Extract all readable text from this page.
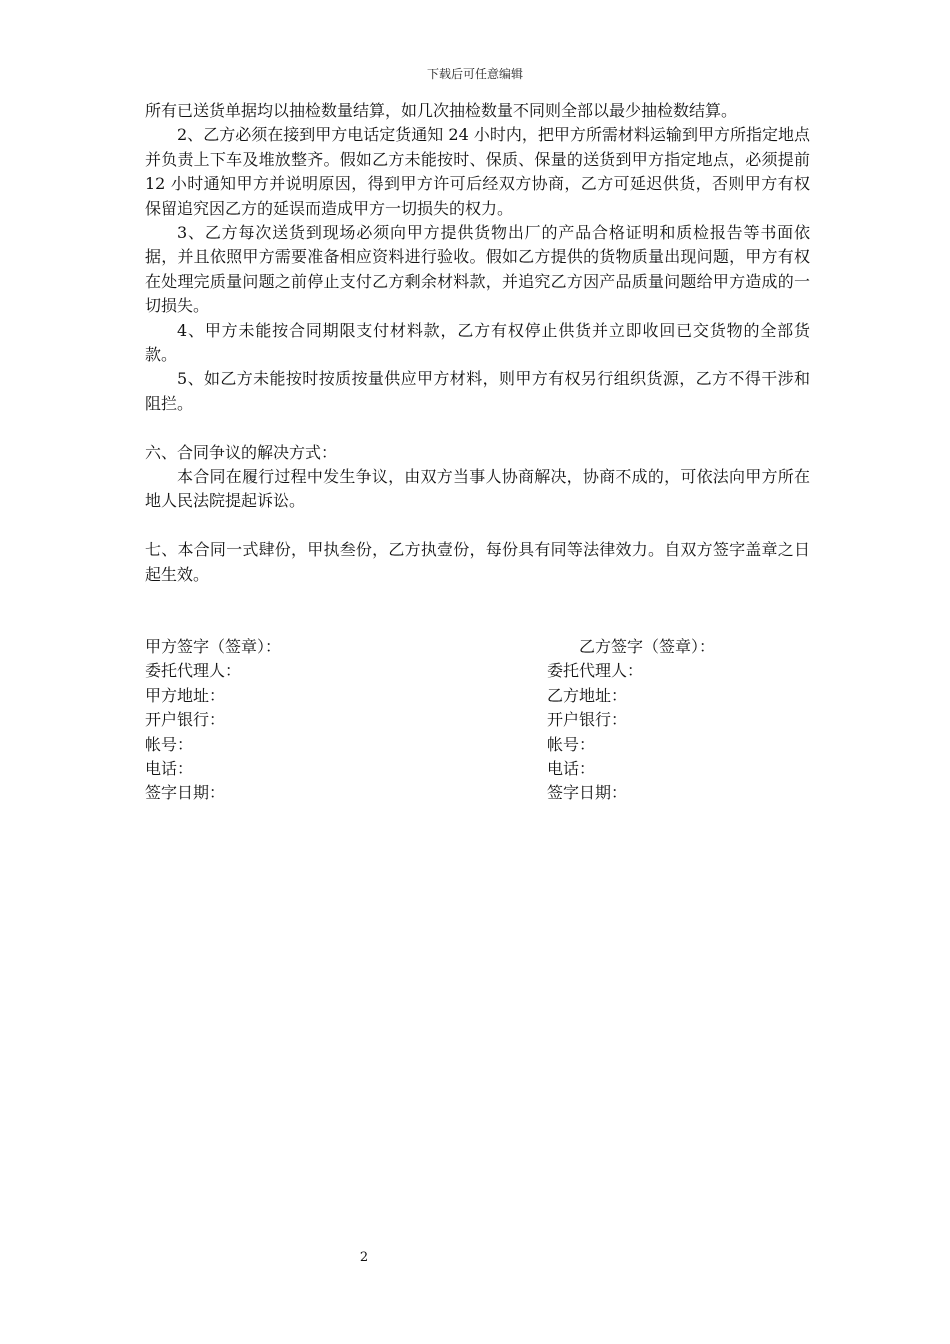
下载后可任意编辑

所有已送货单据均以抽检数量结算，如几次抽检数量不同则全部以最少抽检数结算。

2、乙方必须在接到甲方电话定货通知 24 小时内，把甲方所需材料运输到甲方所指定地点并负责上下车及堆放整齐。假如乙方未能按时、保质、保量的送货到甲方指定地点，必须提前 12 小时通知甲方并说明原因，得到甲方许可后经双方协商，乙方可延迟供货，否则甲方有权保留追究因乙方的延误而造成甲方一切损失的权力。

3、乙方每次送货到现场必须向甲方提供货物出厂的产品合格证明和质检报告等书面依据，并且依照甲方需要准备相应资料进行验收。假如乙方提供的货物质量出现问题，甲方有权在处理完质量问题之前停止支付乙方剩余材料款，并追究乙方因产品质量问题给甲方造成的一切损失。

4、甲方未能按合同期限支付材料款，乙方有权停止供货并立即收回已交货物的全部货款。

5、如乙方未能按时按质按量供应甲方材料，则甲方有权另行组织货源，乙方不得干涉和阻拦。

六、合同争议的解决方式：

本合同在履行过程中发生争议，由双方当事人协商解决，协商不成的，可依法向甲方所在地人民法院提起诉讼。

七、本合同一式肆份，甲执叁份，乙方执壹份，每份具有同等法律效力。自双方签字盖章之日起生效。

甲方签字（签章）：	乙方签字（签章）：
委托代理人：	委托代理人：
甲方地址：	乙方地址：
开户银行：	开户银行：
帐号：	帐号：
电话：	电话：
签字日期：	签字日期：
2
